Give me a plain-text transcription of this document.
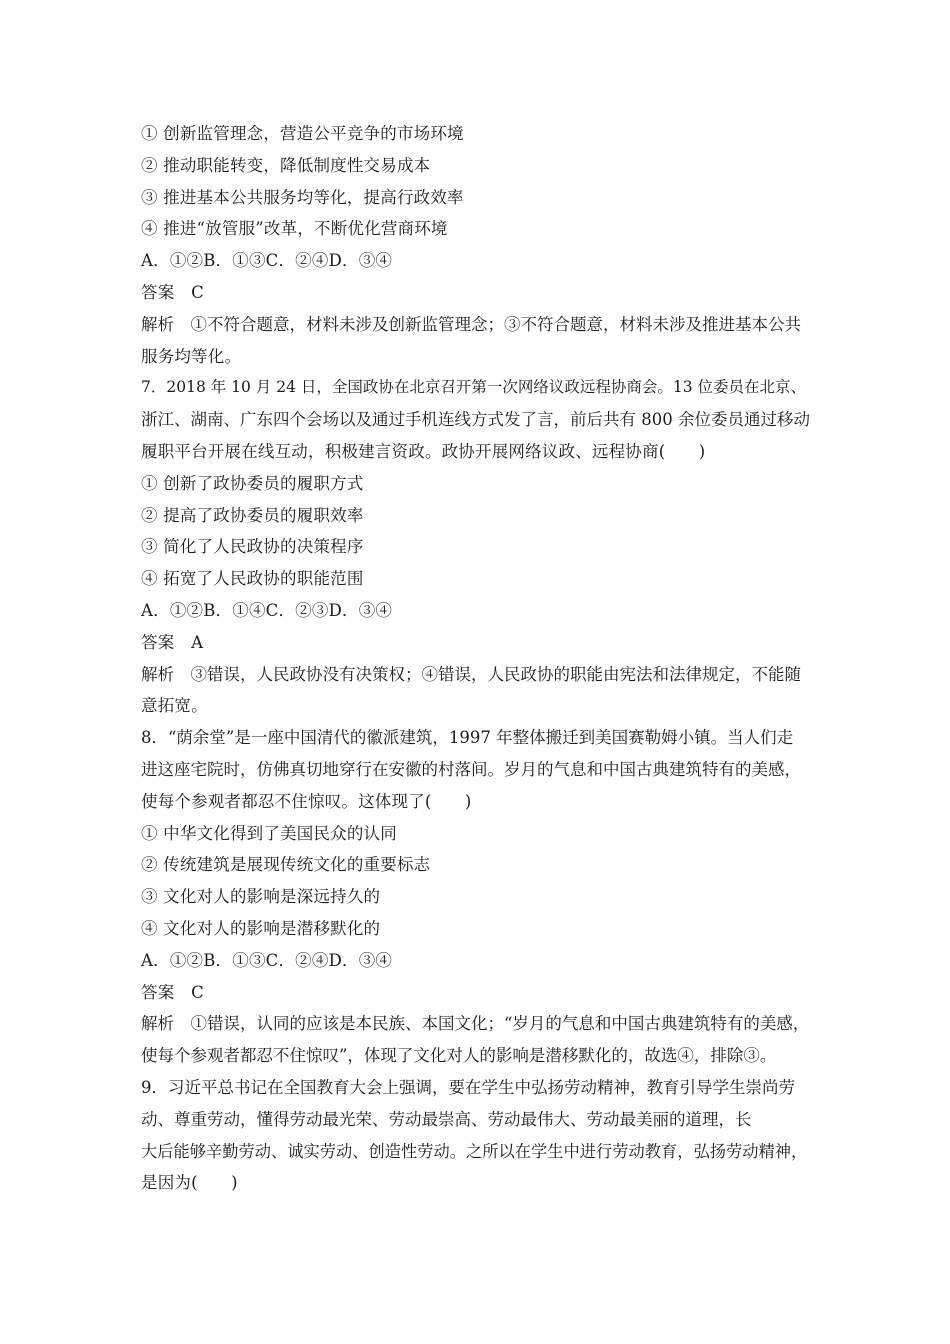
① 创新监管理念，营造公平竞争的市场环境
② 推动职能转变，降低制度性交易成本
③ 推进基本公共服务均等化，提高行政效率
④ 推进“放管服”改革，不断优化营商环境
A．①②B．①③C．②④D．③④
答案　C
解析　①不符合题意，材料未涉及创新监管理念；③不符合题意，材料未涉及推进基本公共
服务均等化。
7．2018 年 10 月 24 日，全国政协在北京召开第一次网络议政远程协商会。13 位委员在北京、
浙江、湖南、广东四个会场以及通过手机连线方式发了言，前后共有 800 余位委员通过移动
履职平台开展在线互动，积极建言资政。政协开展网络议政、远程协商(　　)
① 创新了政协委员的履职方式
② 提高了政协委员的履职效率
③ 简化了人民政协的决策程序
④ 拓宽了人民政协的职能范围
A．①②B．①④C．②③D．③④
答案　A
解析　③错误，人民政协没有决策权；④错误，人民政协的职能由宪法和法律规定，不能随
意拓宽。
8．“荫余堂”是一座中国清代的徽派建筑，1997 年整体搬迁到美国赛勒姆小镇。当人们走
进这座宅院时，仿佛真切地穿行在安徽的村落间。岁月的气息和中国古典建筑特有的美感，
使每个参观者都忍不住惊叹。这体现了(　　)
① 中华文化得到了美国民众的认同
② 传统建筑是展现传统文化的重要标志
③ 文化对人的影响是深远持久的
④ 文化对人的影响是潜移默化的
A．①②B．①③C．②④D．③④
答案　C
解析　①错误，认同的应该是本民族、本国文化；“岁月的气息和中国古典建筑特有的美感，
使每个参观者都忍不住惊叹”，体现了文化对人的影响是潜移默化的，故选④，排除③。
9．习近平总书记在全国教育大会上强调，要在学生中弘扬劳动精神，教育引导学生崇尚劳
动、尊重劳动，懂得劳动最光荣、劳动最崇高、劳动最伟大、劳动最美丽的道理，长
大后能够辛勤劳动、诚实劳动、创造性劳动。之所以在学生中进行劳动教育，弘扬劳动精神，
是因为(　　)
